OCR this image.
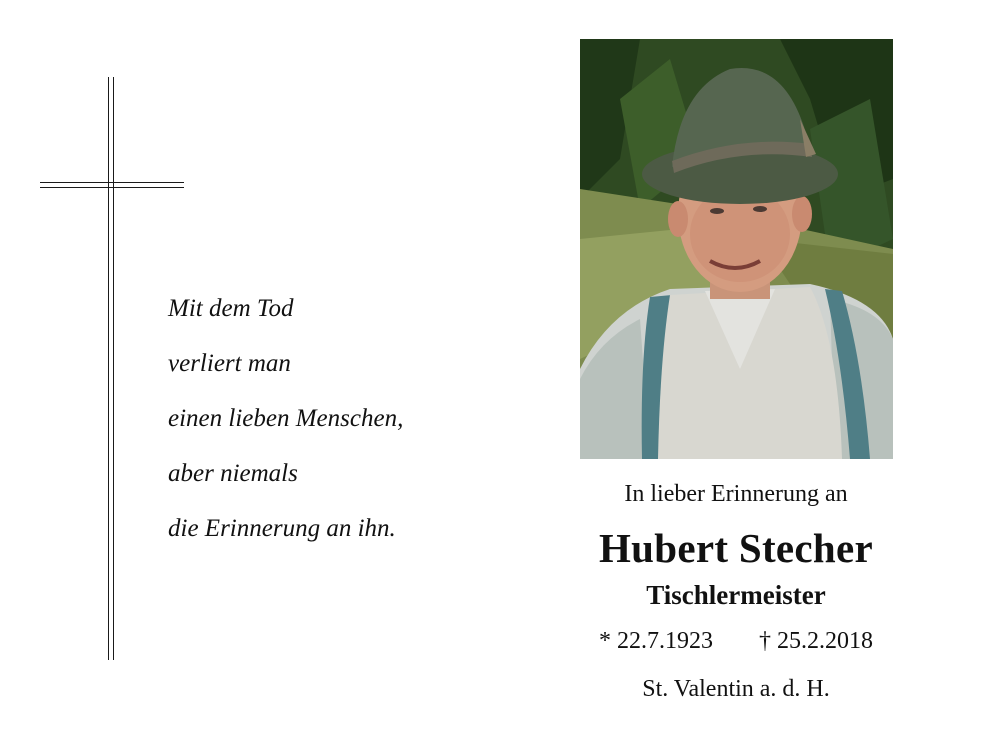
Mit dem Tod
verliert man
einen lieben Menschen,
aber niemals
die Erinnerung an ihn.
In lieber Erinnerung an
Hubert Stecher
Tischlermeister
* 22.7.1923 † 25.2.2018
St. Valentin a. d. H.
